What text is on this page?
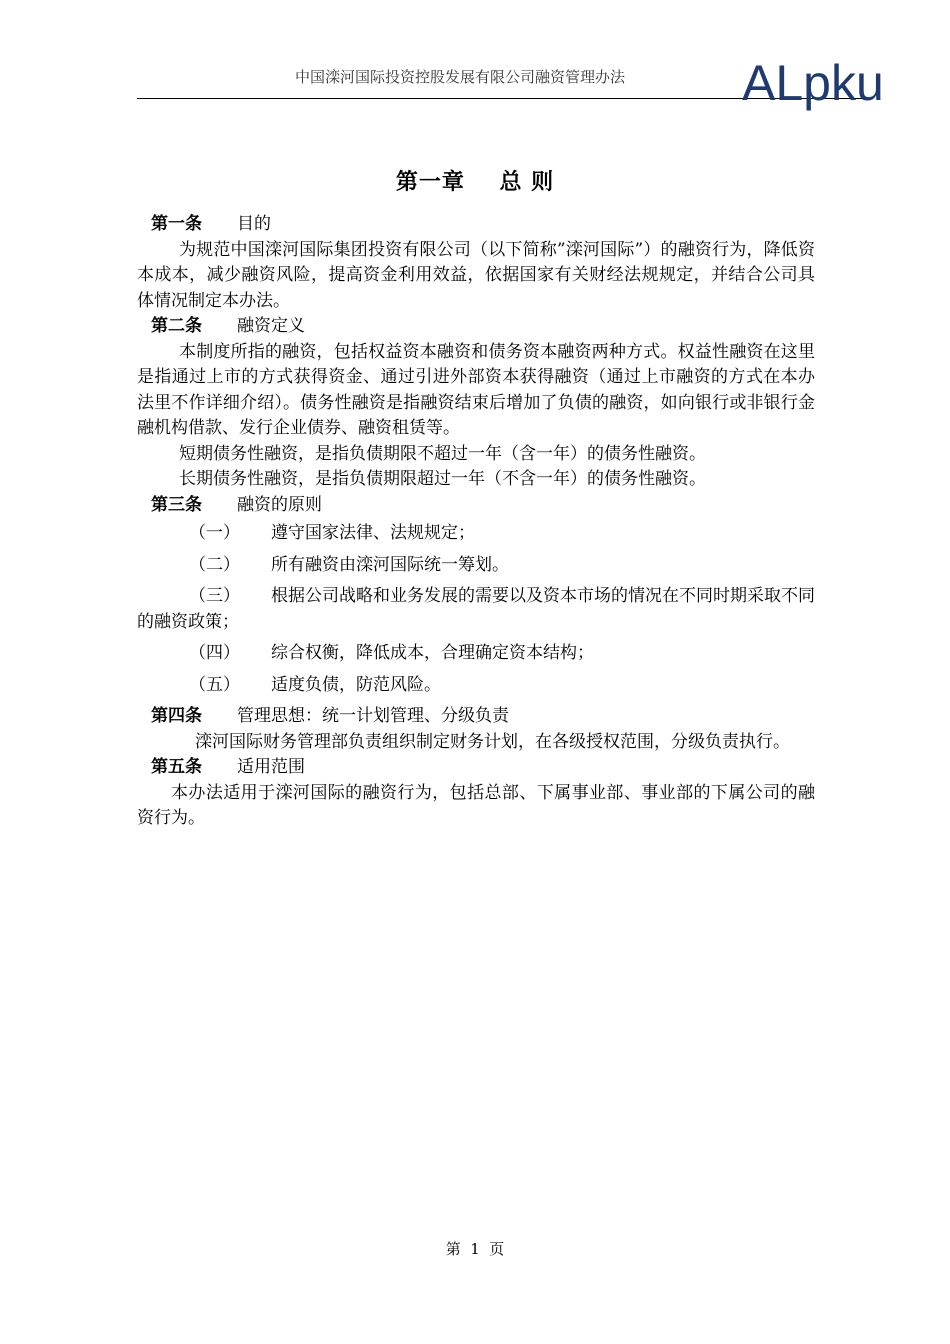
中国滦河国际投资控股发展有限公司融资管理办法	ALpku
第一章    总 则
第一条 目的
为规范中国滦河国际集团投资有限公司（以下简称”滦河国际”）的融资行为，降低资本成本，减少融资风险，提高资金利用效益，依据国家有关财经法规规定，并结合公司具体情况制定本办法。
第二条 融资定义
本制度所指的融资，包括权益资本融资和债务资本融资两种方式。权益性融资在这里是指通过上市的方式获得资金、通过引进外部资本获得融资（通过上市融资的方式在本办法里不作详细介绍）。债务性融资是指融资结束后增加了负债的融资，如向银行或非银行金融机构借款、发行企业债券、融资租赁等。
短期债务性融资，是指负债期限不超过一年（含一年）的债务性融资。
长期债务性融资，是指负债期限超过一年（不含一年）的债务性融资。
第三条 融资的原则
（一） 遵守国家法律、法规规定；
（二） 所有融资由滦河国际统一筹划。
（三） 根据公司战略和业务发展的需要以及资本市场的情况在不同时期采取不同的融资政策；
（四） 综合权衡，降低成本，合理确定资本结构；
（五） 适度负债，防范风险。
第四条 管理思想：统一计划管理、分级负责
滦河国际财务管理部负责组织制定财务计划，在各级授权范围，分级负责执行。
第五条 适用范围
本办法适用于滦河国际的融资行为，包括总部、下属事业部、事业部的下属公司的融资行为。
第  1  页
